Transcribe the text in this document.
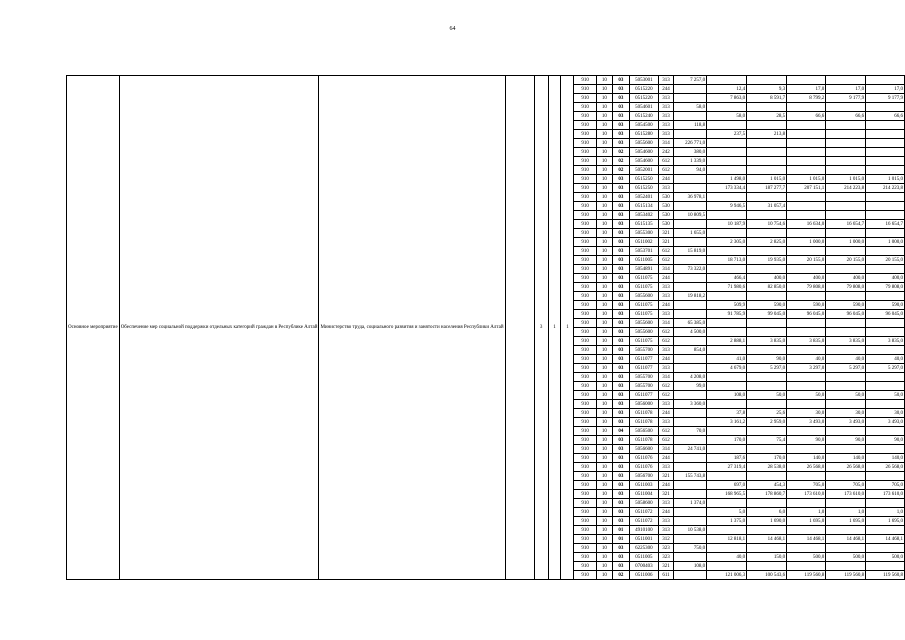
64
Основное мероприятие	Обеспечение мер социальной поддержки отдельных категорий граждан в Республике Алтай	Министерство труда, социального развития и занятости населения Республики Алтай		3	1	1	910	10	03	5053001	313	7 257,0					
							910	10	03	0515220	244		12,4	9,3	17,0	17,0	17,0
							910	10	03	0515220	313		7 863,0	8 591,7	8 799,2	9 177,9	9 177,9
							910	10	03	5054601	313	58,0					
							910	10	03	0515240	313		58,0	28,5	66,6	66,6	66,6
							910	10	03	5054500	313	118,8					
							910	10	03	0515280	313		237,5	213,8			
							910	10	03	5055600	314	226 771,0					
							910	10	02	5054600	242	380,0					
							910	10	02	5054600	612	1 339,0					
							910	10	02	5052001	612	94,0					
							910	10	03	0515250	244		1 498,0	1 015,0	1 015,0	1 015,0	1 015,0
							910	10	03	0515250	313		173 334,4	187 277,7	207 151,1	214 223,8	214 223,8
							910	10	03	5052401	530	36 978,1					
							910	10	03	0515134	530		9 946,5	31 057,4			
							910	10	03	5053402	530	10 809,5					
							910	10	03	0515135	530		10 187,9	10 754,6	16 634,0	16 654,7	16 654,7
							910	10	03	5055300	321	1 655,0					
							910	10	03	0511002	321		2 305,0	2 825,0	1 000,0	1 000,0	1 000,0
							910	10	03	5053701	612	15 819,0					
							910	10	03	0511005	612		18 713,0	19 935,0	20 155,0	20 155,0	20 155,0
							910	10	03	5054891	314	73 322,0					
							910	10	03	0511075	244		466,4	400,0	400,0	400,0	400,0
							910	10	03	0511075	313		71 980,6	82 850,0	79 808,0	79 808,0	79 808,0
							910	10	03	5055600	313	19 818,2					
							910	10	03	0511075	244		509,9	590,0	590,0	590,0	590,0
							910	10	03	0511075	313		91 785,9	99 045,0	96 045,0	96 045,0	96 045,0
							910	10	03	5055600	314	65 385,0					
							910	10	03	5055600	612	4 500,0					
							910	10	03	0511075	612		2 888,1	3 835,0	3 835,0	3 835,0	3 835,0
							910	10	03	5055700	313	854,0					
							910	10	03	0511077	244		41,0	90,0	40,0	40,0	40,0
							910	10	03	0511077	313		4 679,0	5 297,0	3 297,0	5 297,0	5 297,0
							910	10	03	5055700	314	4 208,0					
							910	10	03	5055700	612	99,0					
							910	10	03	0511077	612		108,0	50,0	50,0	50,0	50,0
							910	10	03	5056000	313	3 360,0					
							910	10	03	0511078	244		37,8	25,6	30,0	30,0	30,0
							910	10	03	0511078	313		3 161,2	2 959,0	3 493,0	3 493,0	3 493,0
							910	10	04	5056500	612	70,0					
							910	10	03	0511078	612		170,0	75,4	90,0	90,0	90,0
							910	10	03	5056600	314	24 741,0					
							910	10	03	0511076	244		187,6	170,0	140,0	140,0	140,0
							910	10	03	0511076	313		27 319,4	28 538,0	26 568,0	26 568,0	26 568,0
							910	10	03	5056700	321	155 743,8					
							910	10	03	0511003	244		697,0	454,3	705,0	705,0	705,0
							910	10	03	0511004	321		168 965,5	178 860,7	173 610,0	173 610,0	173 610,0
							910	10	03	5058600	313	1 374,0					
							910	10	03	0511072	244		5,0	6,0	1,0	1,0	1,0
							910	10	03	0511072	313		1 375,0	1 690,0	1 695,0	1 695,0	1 695,0
							910	10	01	4910100	313	10 538,0					
							910	10	01	0511001	312		12 818,1	14 468,1	14 468,1	14 468,1	14 468,1
							910	10	03	6225300	323	750,0					
							910	10	03	0511005	323		40,0	150,0	500,0	500,0	500,0
							910	10	03	0700403	321	108,0					
							910	10	02	0511006	611		121 006,3	100 543,6	119 560,8	119 560,8	119 560,8
